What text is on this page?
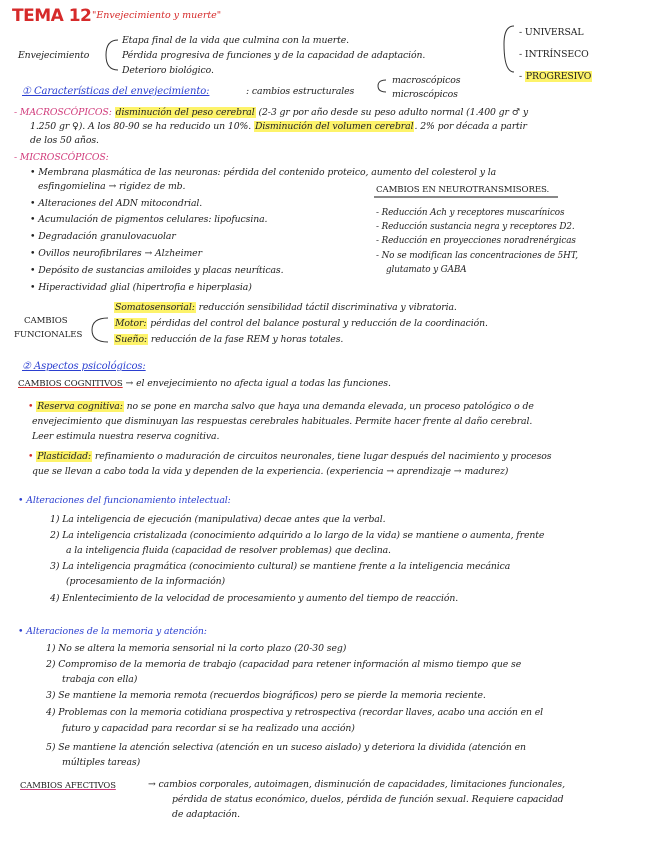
TEMA 12 "Envejecimiento y muerte"
Envejecimiento
Etapa final de la vida que culmina con la muerte.
Pérdida progresiva de funciones y de la capacidad de adaptación.
Deterioro biológico.
- UNIVERSAL
- INTRÍNSECO
- PROGRESIVO
① Características del envejecimiento:	: cambios estructurales
macroscópicos
microscópicos
- MACROSCÓPICOS: disminución del peso cerebral (2-3 gr por año desde su peso adulto normal (1.400 gr ♂ y
1.250 gr ♀). A los 80-90 se ha reducido un 10%. Disminución del volumen cerebral. 2% por década a partir
de los 50 años.
- MICROSCÓPICOS:
• Membrana plasmática de las neuronas: pérdida del contenido proteico, aumento del colesterol y la
esfingomielina → rigidez de mb.
• Alteraciones del ADN mitocondrial.
• Acumulación de pigmentos celulares: lipofucsina.
• Degradación granulovacuolar
• Ovillos neurofibrilares → Alzheimer
• Depósito de sustancias amiloides y placas neuríticas.
• Hiperactividad glial (hipertrofia e hiperplasia)
CAMBIOS EN NEUROTRANSMISORES.
- Reducción Ach y receptores muscarínicos
- Reducción sustancia negra y receptores D2.
- Reducción en proyecciones noradrenérgicas
- No se modifican las concentraciones de 5HT,
glutamato y GABA
CAMBIOS
FUNCIONALES
Somatosensorial: reducción sensibilidad táctil discriminativa y vibratoria.
Motor: pérdidas del control del balance postural y reducción de la coordinación.
Sueño: reducción de la fase REM y horas totales.
② Aspectos psicológicos:
CAMBIOS COGNITIVOS → el envejecimiento no afecta igual a todas las funciones.
• Reserva cognitiva: no se pone en marcha salvo que haya una demanda elevada, un proceso patológico o de
envejecimiento que disminuyan las respuestas cerebrales habituales. Permite hacer frente al daño cerebral.
Leer estimula nuestra reserva cognitiva.
• Plasticidad: refinamiento o maduración de circuitos neuronales, tiene lugar después del nacimiento y procesos
que se llevan a cabo toda la vida y dependen de la experiencia. (experiencia → aprendizaje → madurez)
• Alteraciones del funcionamiento intelectual:
1) La inteligencia de ejecución (manipulativa) decae antes que la verbal.
2) La inteligencia cristalizada (conocimiento adquirido a lo largo de la vida) se mantiene o aumenta, frente
a la inteligencia fluida (capacidad de resolver problemas) que declina.
3) La inteligencia pragmática (conocimiento cultural) se mantiene frente a la inteligencia mecánica
(procesamiento de la información)
4) Enlentecimiento de la velocidad de procesamiento y aumento del tiempo de reacción.
• Alteraciones de la memoria y atención:
1) No se altera la memoria sensorial ni la corto plazo (20-30 seg)
2) Compromiso de la memoria de trabajo (capacidad para retener información al mismo tiempo que se
trabaja con ella)
3) Se mantiene la memoria remota (recuerdos biográficos) pero se pierde la memoria reciente.
4) Problemas con la memoria cotidiana prospectiva y retrospectiva (recordar llaves, acabo una acción en el
futuro y capacidad para recordar si se ha realizado una acción)
5) Se mantiene la atención selectiva (atención en un suceso aislado) y deteriora la dividida (atención en
múltiples tareas)
CAMBIOS AFECTIVOS	→ cambios corporales, autoimagen, disminución de capacidades, limitaciones funcionales,
pérdida de status económico, duelos, pérdida de función sexual. Requiere capacidad
de adaptación.
